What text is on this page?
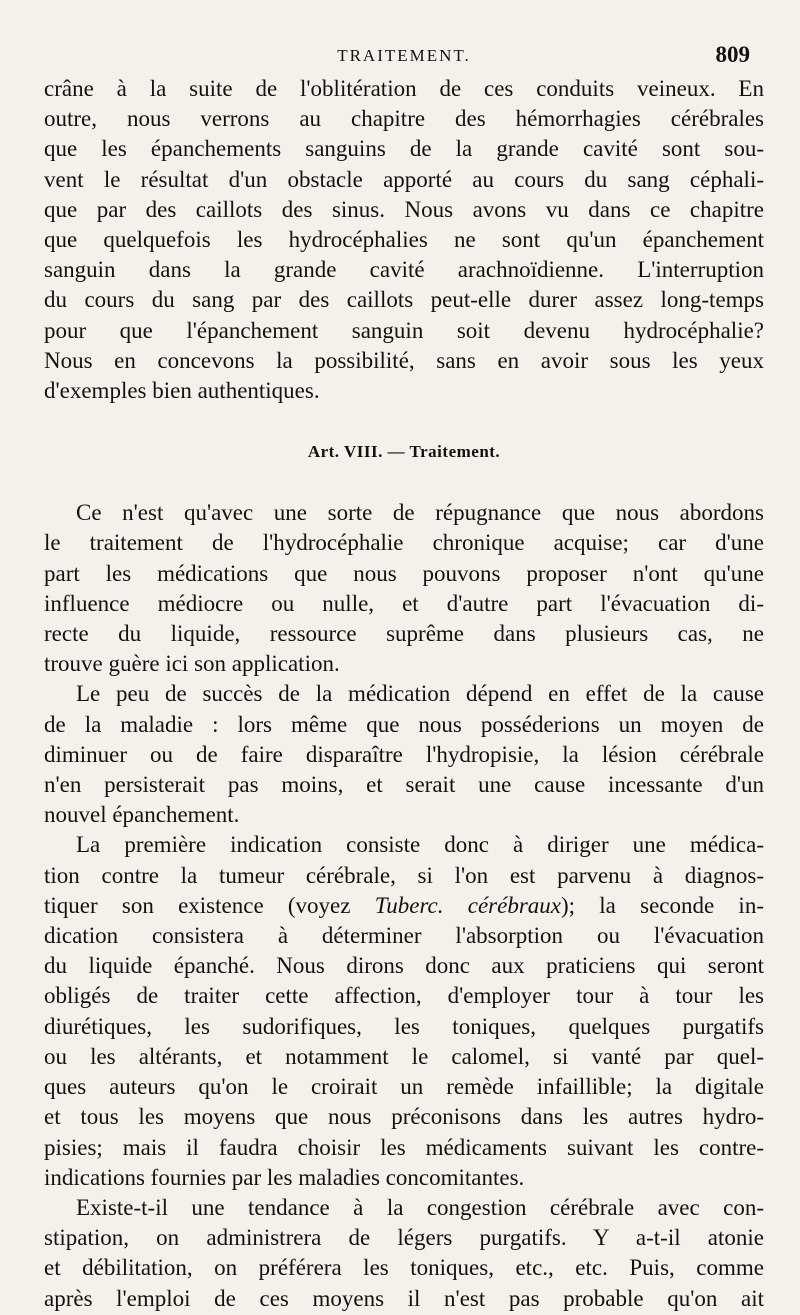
TRAITEMENT.	809
crâne à la suite de l'oblitération de ces conduits veineux. En
outre, nous verrons au chapitre des hémorrhagies cérébrales
que les épanchements sanguins de la grande cavité sont sou-
vent le résultat d'un obstacle apporté au cours du sang céphali-
que par des caillots des sinus. Nous avons vu dans ce chapitre
que quelquefois les hydrocéphalies ne sont qu'un épanchement
sanguin dans la grande cavité arachnoïdienne. L'interruption
du cours du sang par des caillots peut-elle durer assez long-temps
pour que l'épanchement sanguin soit devenu hydrocéphalie?
Nous en concevons la possibilité, sans en avoir sous les yeux
d'exemples bien authentiques.
Art. VIII. — Traitement.
Ce n'est qu'avec une sorte de répugnance que nous abordons
le traitement de l'hydrocéphalie chronique acquise; car d'une
part les médications que nous pouvons proposer n'ont qu'une
influence médiocre ou nulle, et d'autre part l'évacuation di-
recte du liquide, ressource suprême dans plusieurs cas, ne
trouve guère ici son application.
Le peu de succès de la médication dépend en effet de la cause
de la maladie : lors même que nous posséderions un moyen de
diminuer ou de faire disparaître l'hydropisie, la lésion cérébrale
n'en persisterait pas moins, et serait une cause incessante d'un
nouvel épanchement.
La première indication consiste donc à diriger une médica-
tion contre la tumeur cérébrale, si l'on est parvenu à diagnos-
tiquer son existence (voyez Tuberc. cérébraux); la seconde in-
dication consistera à déterminer l'absorption ou l'évacuation
du liquide épanché. Nous dirons donc aux praticiens qui seront
obligés de traiter cette affection, d'employer tour à tour les
diurétiques, les sudorifiques, les toniques, quelques purgatifs
ou les altérants, et notamment le calomel, si vanté par quel-
ques auteurs qu'on le croirait un remède infaillible; la digitale
et tous les moyens que nous préconisons dans les autres hydro-
pisies; mais il faudra choisir les médicaments suivant les contre-
indications fournies par les maladies concomitantes.
Existe-t-il une tendance à la congestion cérébrale avec con-
stipation, on administrera de légers purgatifs. Y a-t-il atonie
et débilitation, on préférera les toniques, etc., etc. Puis, comme
après l'emploi de ces moyens il n'est pas probable qu'on ait
